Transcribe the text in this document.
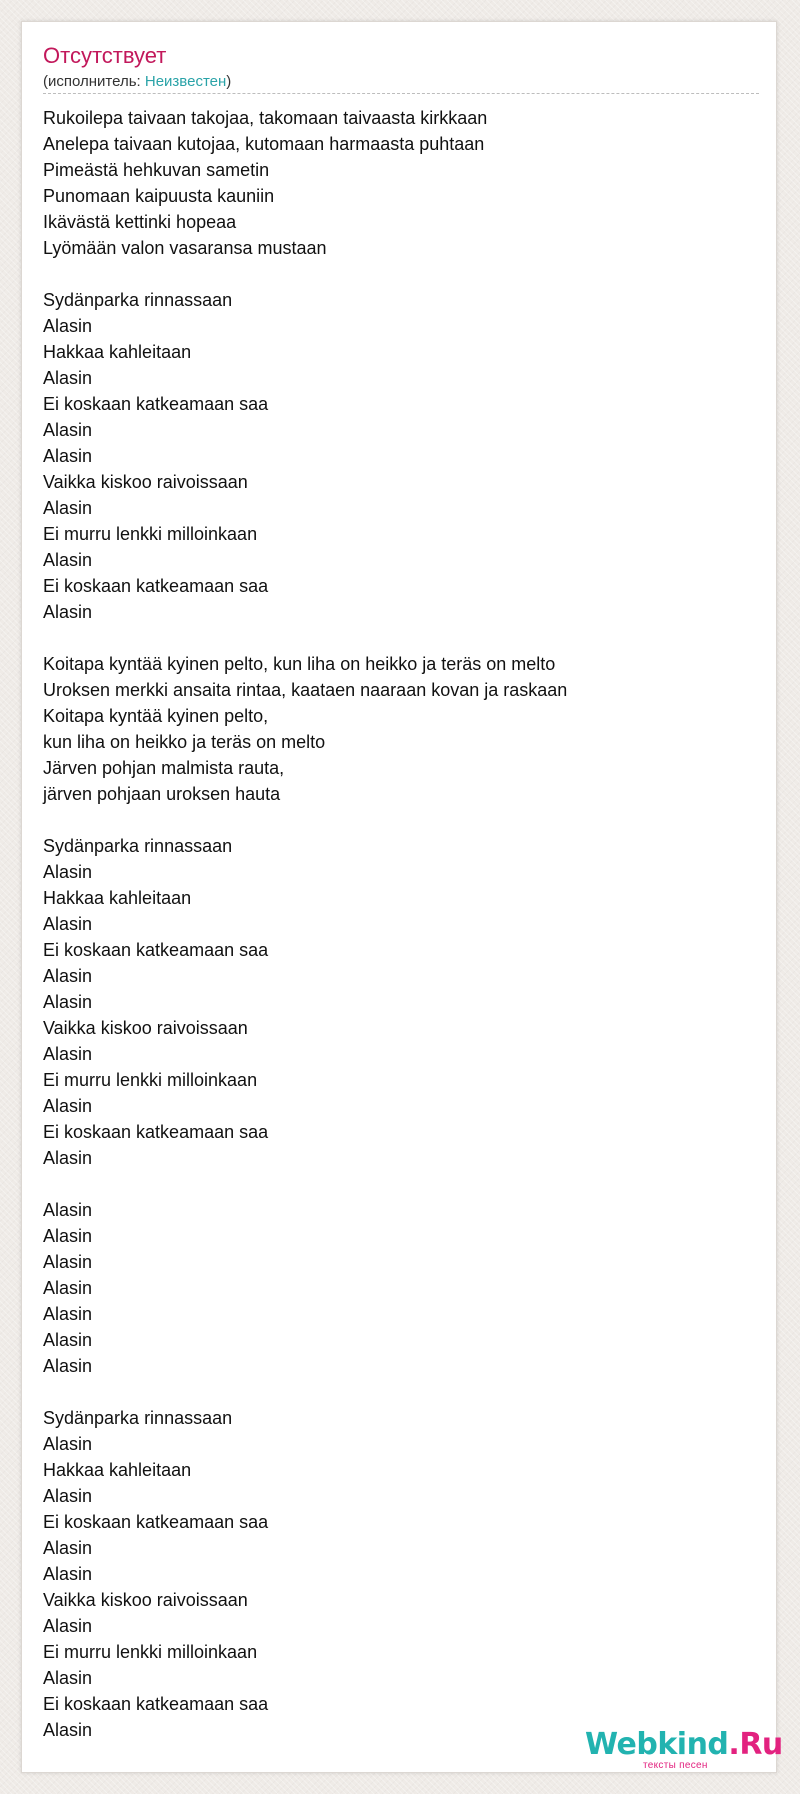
Отсутствует
(исполнитель: Неизвестен)
Rukoilepa taivaan takojaa, takomaan taivaasta kirkkaan
Anelepa taivaan kutojaa, kutomaan harmaasta puhtaan
Pimeästä hehkuvan sametin
Punomaan kaipuusta kauniin
Ikävästä kettinki hopeaa
Lyömään valon vasaransa mustaan
Sydänparka rinnassaan
Alasin
Hakkaa kahleitaan
Alasin
Ei koskaan katkeamaan saa
Alasin
Alasin
Vaikka kiskoo raivoissaan
Alasin
Ei murru lenkki milloinkaan
Alasin
Ei koskaan katkeamaan saa
Alasin
Koitapa kyntää kyinen pelto, kun liha on heikko ja teräs on melto
Uroksen merkki ansaita rintaa, kaataen naaraan kovan ja raskaan
Koitapa kyntää kyinen pelto,
kun liha on heikko ja teräs on melto
Järven pohjan malmista rauta,
järven pohjaan uroksen hauta
Sydänparka rinnassaan
Alasin
Hakkaa kahleitaan
Alasin
Ei koskaan katkeamaan saa
Alasin
Alasin
Vaikka kiskoo raivoissaan
Alasin
Ei murru lenkki milloinkaan
Alasin
Ei koskaan katkeamaan saa
Alasin
Alasin
Alasin
Alasin
Alasin
Alasin
Alasin
Alasin
Sydänparka rinnassaan
Alasin
Hakkaa kahleitaan
Alasin
Ei koskaan katkeamaan saa
Alasin
Alasin
Vaikka kiskoo raivoissaan
Alasin
Ei murru lenkki milloinkaan
Alasin
Ei koskaan katkeamaan saa
Alasin	Webkind.Ru
тексты песен
